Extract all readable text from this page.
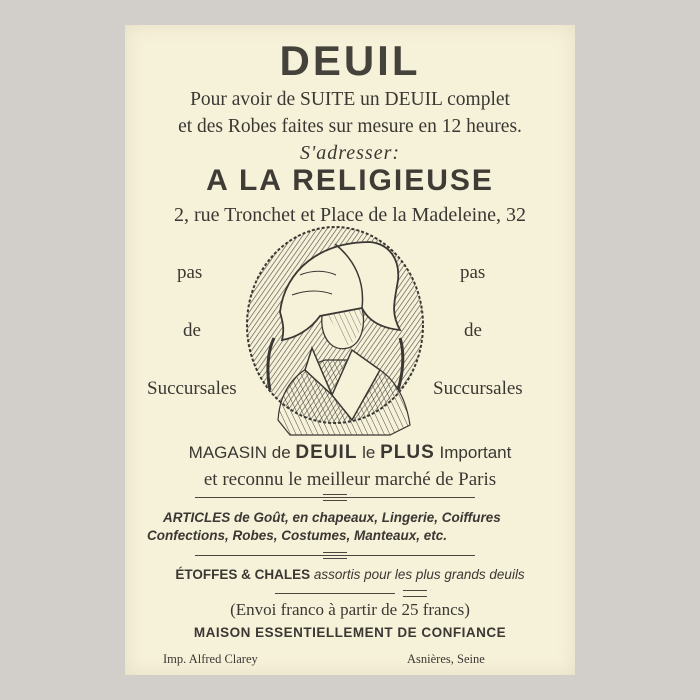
DEUIL
Pour avoir de SUITE un DEUIL complet
et des Robes faites sur mesure en 12 heures.
S'adresser:
A LA RELIGIEUSE
2, rue Tronchet et Place de la Madeleine, 32
pas
de
Succursales
pas
de
Succursales
MAGASIN de DEUIL le PLUS Important
et reconnu le meilleur marché de Paris
ARTICLES de Goût, en chapeaux, Lingerie, Coiffures
Confections, Robes, Costumes, Manteaux, etc.
ÉTOFFES & CHALES assortis pour les plus grands deuils
(Envoi franco à partir de 25 francs)
MAISON ESSENTIELLEMENT DE CONFIANCE
Imp. Alfred Clarey	Asnières, Seine
